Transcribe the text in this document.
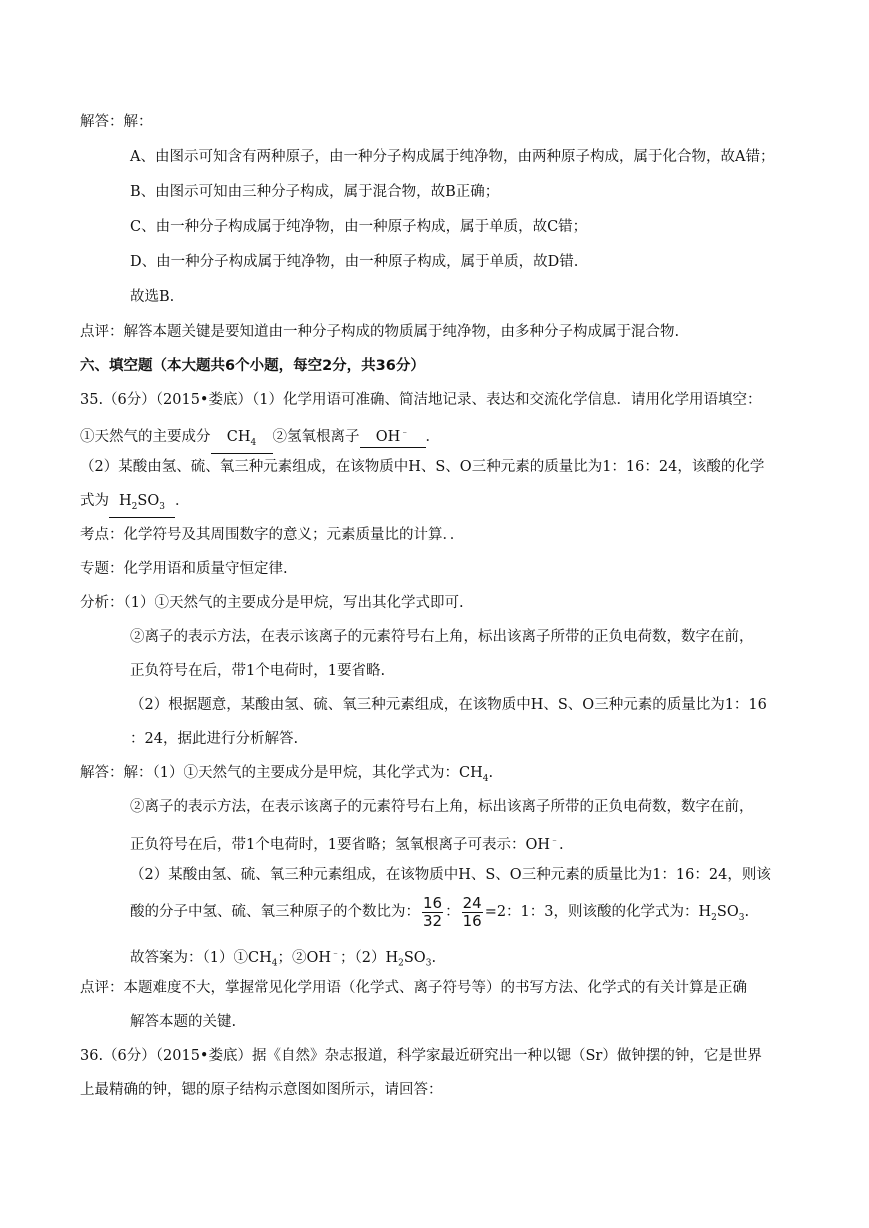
解答：解：
A、由图示可知含有两种原子，由一种分子构成属于纯净物，由两种原子构成，属于化合物，故A错；
B、由图示可知由三种分子构成，属于混合物，故B正确；
C、由一种分子构成属于纯净物，由一种原子构成，属于单质，故C错；
D、由一种分子构成属于纯净物，由一种原子构成，属于单质，故D错.
故选B.
点评：解答本题关键是要知道由一种分子构成的物质属于纯净物，由多种分子构成属于混合物.
六、填空题（本大题共6个小题，每空2分，共36分）
35.（6分）（2015•娄底）（1）化学用语可准确、简洁地记录、表达和交流化学信息．请用化学用语填空：
①天然气的主要成分 $CH_4$ ②氢氧根离子 OH﹣ ．
（2）某酸由氢、硫、氧三种元素组成，在该物质中H、S、O三种元素的质量比为1：16：24，该酸的化学
式为 $H_2SO_3$ ．
考点：化学符号及其周围数字的意义；元素质量比的计算．．
专题：化学用语和质量守恒定律.
分析：（1）①天然气的主要成分是甲烷，写出其化学式即可.
②离子的表示方法，在表示该离子的元素符号右上角，标出该离子所带的正负电荷数，数字在前，
正负符号在后，带1个电荷时，1要省略.
（2）根据题意，某酸由氢、硫、氧三种元素组成，在该物质中H、S、O三种元素的质量比为1：16
：24，据此进行分析解答.
解答：解：（1）①天然气的主要成分是甲烷，其化学式为：$CH_4$.
②离子的表示方法，在表示该离子的元素符号右上角，标出该离子所带的正负电荷数，数字在前，
正负符号在后，带1个电荷时，1要省略；氢氧根离子可表示：OH﹣.
（2）某酸由氢、硫、氧三种元素组成，在该物质中H、S、O三种元素的质量比为1：16：24，则该
酸的分子中氢、硫、氧三种原子的个数比为： $\frac{16}{32}$ ： $\frac{24}{16} =2$：1：3，则该酸的化学式为：$H_2SO_3$.
故答案为：$(1)①CH_4$；②OH﹣；$(2)H_2SO_3$.
点评：本题难度不大，掌握常见化学用语（化学式、离子符号等）的书写方法、化学式的有关计算是正确
解答本题的关键.
36.（6分）（2015•娄底）据《自然》杂志报道，科学家最近研究出一种以锶（Sr）做钟摆的钟，它是世界
上最精确的钟，锶的原子结构示意图如图所示，请回答：
